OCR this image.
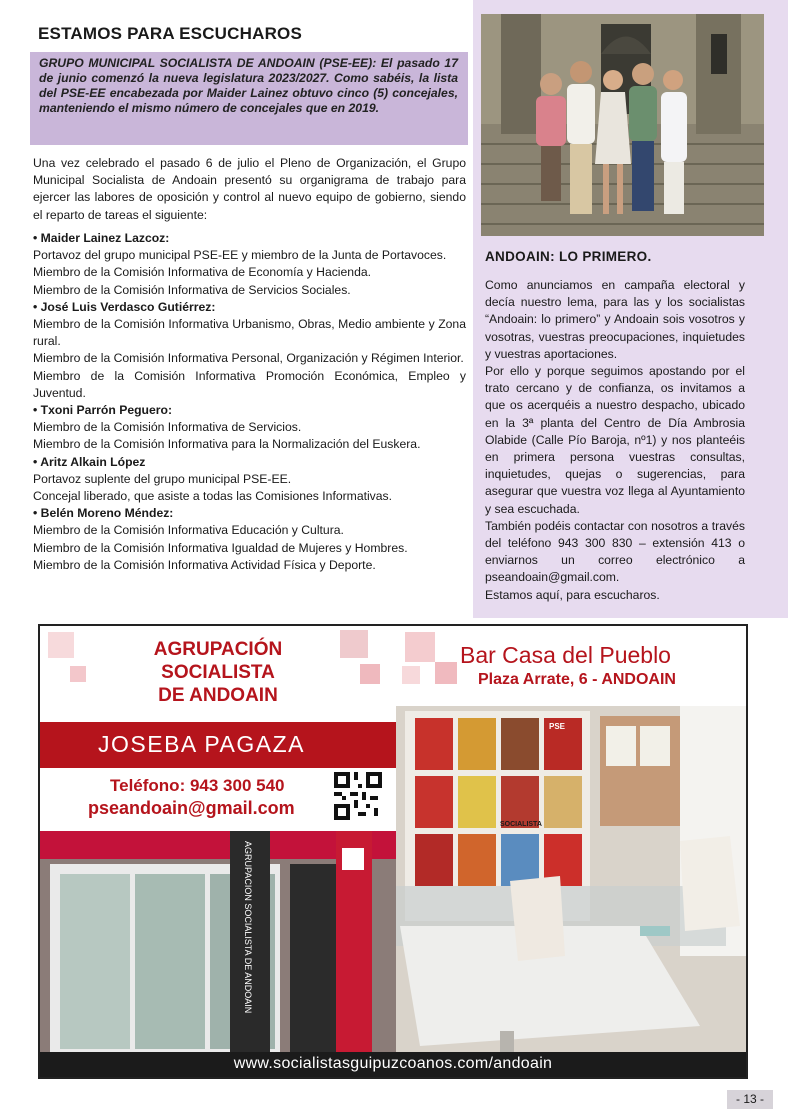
ESTAMOS PARA ESCUCHAROS
GRUPO MUNICIPAL SOCIALISTA DE ANDOAIN (PSE-EE): El pasado 17 de junio comenzó la nueva legislatura 2023/2027. Como sabéis, la lista del PSE-EE encabezada por Maider Lainez obtuvo cinco (5) concejales, manteniendo el mismo número de concejales que en 2019.
Una vez celebrado el pasado 6 de julio el Pleno de Organización, el Grupo Municipal Socialista de Andoain presentó su organigrama de trabajo para ejercer las labores de oposición y control al nuevo equipo de gobierno, siendo el reparto de tareas el siguiente:

• Maider Lainez Lazcoz:

Portavoz del grupo municipal PSE-EE y miembro de la Junta de Portavoces.

Miembro de la Comisión Informativa de Economía y Hacienda.

Miembro de la Comisión Informativa de Servicios Sociales.

• José Luis Verdasco Gutiérrez:

Miembro de la Comisión Informativa Urbanismo, Obras, Medio ambiente y Zona rural.

Miembro de la Comisión Informativa Personal, Organización y Régimen Interior.

Miembro de la Comisión Informativa Promoción Económica, Empleo y Juventud.

• Txoni Parrón Peguero:

Miembro de la Comisión Informativa de Servicios.

Miembro de la Comisión Informativa para la Normalización del Euskera.

• Aritz Alkain López

Portavoz suplente del grupo municipal PSE-EE.

Concejal liberado, que asiste a todas las Comisiones Informativas.

• Belén Moreno Méndez:

Miembro de la Comisión Informativa Educación y Cultura.

Miembro de la Comisión Informativa Igualdad de Mujeres y Hombres.

Miembro de la Comisión Informativa Actividad Física y Deporte.

ANDOAIN: LO PRIMERO.

Como anunciamos en campaña electoral y decía nuestro lema, para las y los socialistas “Andoain: lo primero” y Andoain sois vosotros y vosotras, vuestras preocupaciones, inquietudes y vuestras aportaciones.

Por ello y porque seguimos apostando por el trato cercano y de confianza, os invitamos a que os acerquéis a nuestro despacho, ubicado en la 3ª planta del Centro de Día Ambrosia Olabide (Calle Pío Baroja, nº1) y nos planteéis en primera persona vuestras consultas, inquietudes, quejas o sugerencias, para asegurar que vuestra voz llega al Ayuntamiento y sea escuchada.

También podéis contactar con nosotros a través del teléfono 943 300 830 – extensión 413 o enviarnos un correo electrónico a pseandoain@gmail.com.

Estamos aquí, para escucharos.

SOCIALISTA
PSE
AGRUPACION SOCIALISTA DE ANDOAIN
AGRUPACIÓN
SOCIALISTA
DE ANDOAIN
JOSEBA PAGAZA
Teléfono: 943 300 540
pseandoain@gmail.com
Bar Casa del Pueblo
Plaza Arrate, 6 - ANDOAIN
www.socialistasguipuzcoanos.com/andoain
- 13 -
